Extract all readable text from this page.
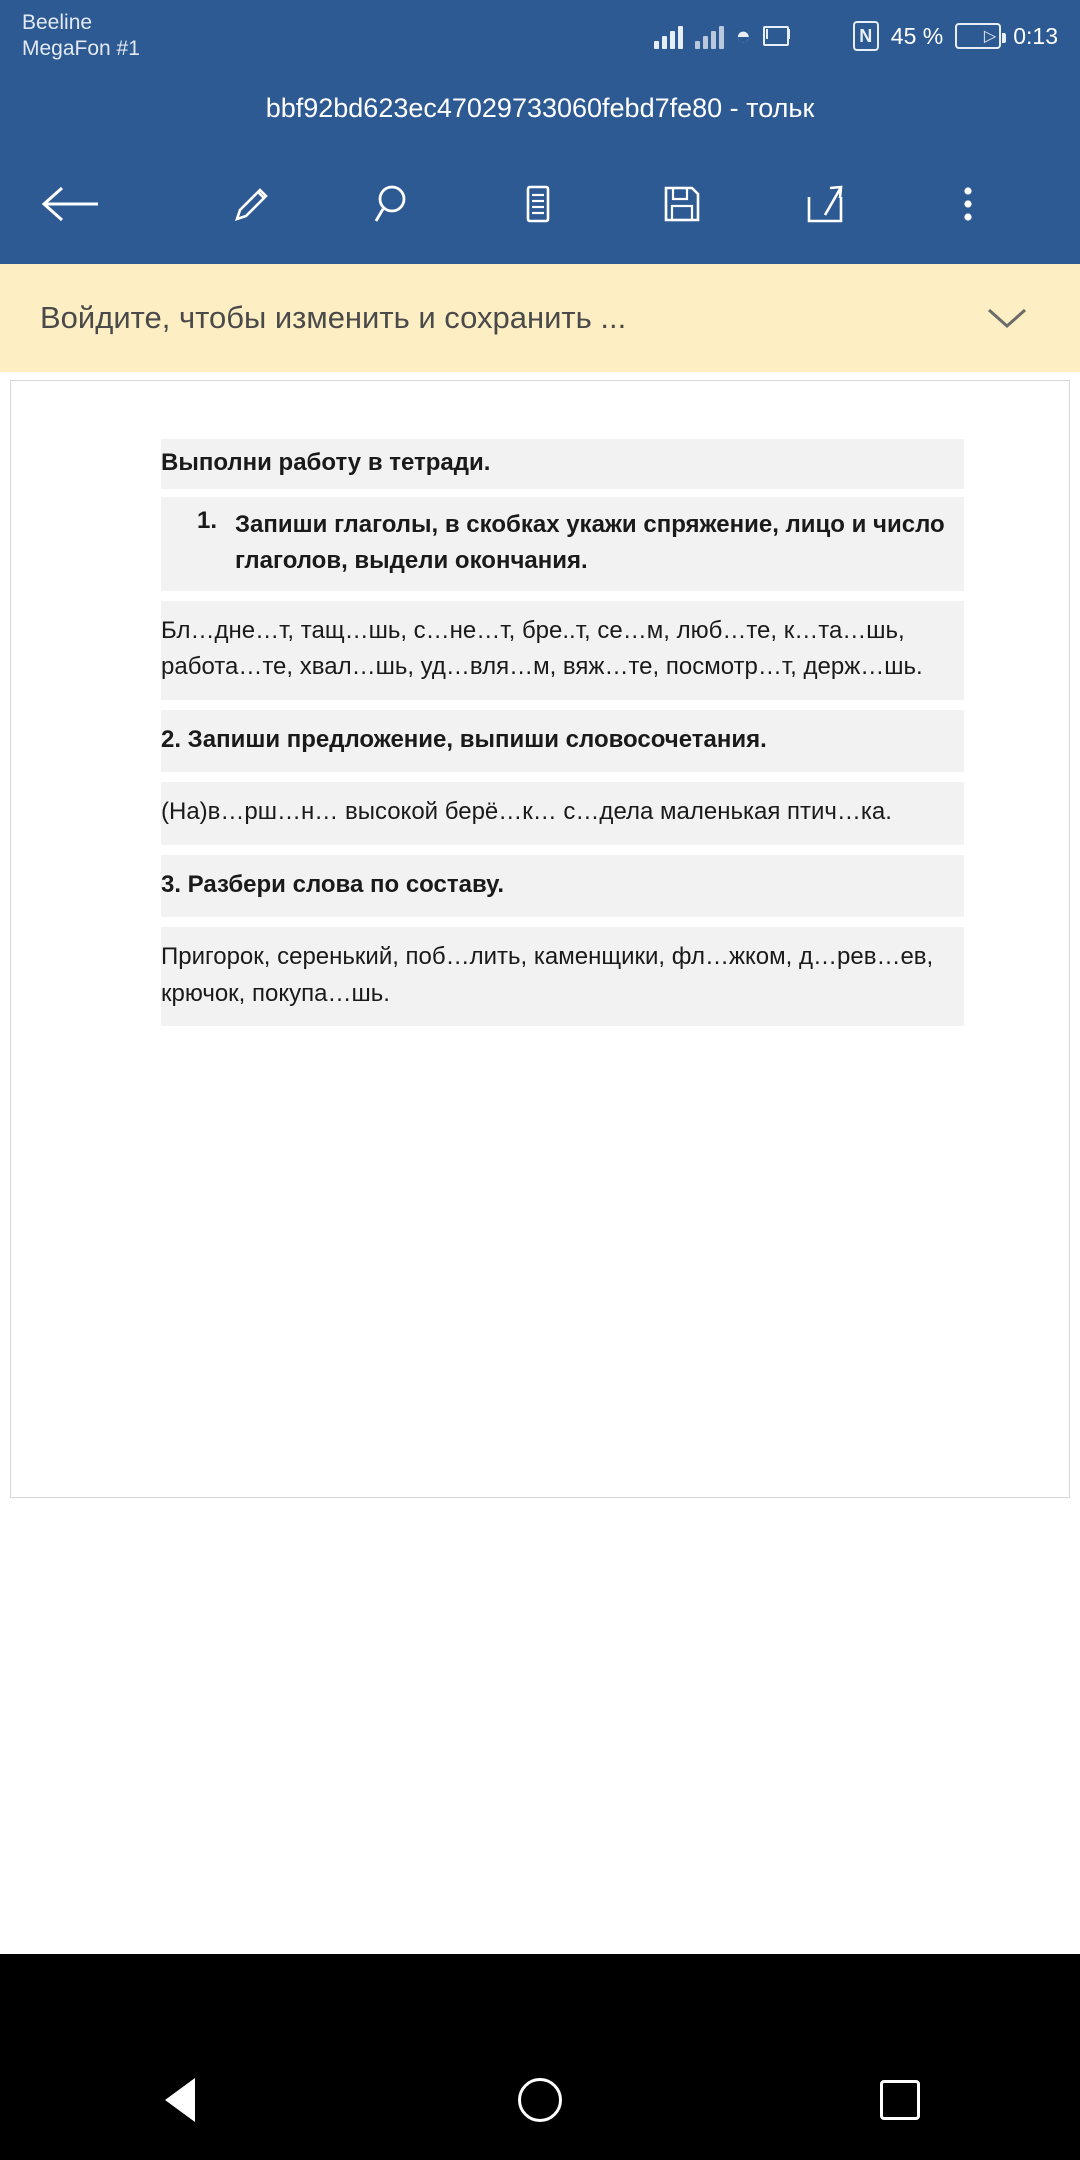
Beeline
MegaFon #1	◓	N 45 %	▷ 0:13
bbf92bd623ec47029733060febd7fe80 - тольк
Войдите, чтобы изменить и сохранить ...
Выполни работу в тетради.
1. Запиши глаголы, в скобках укажи спряжение, лицо и число глаголов, выдели окончания.
Бл…дне…т, тащ…шь, с…не…т, бре..т, се…м, люб…те, к…та…шь, работа…те, хвал…шь, уд…вля…м, вяж…те, посмотр…т, держ…шь.
2. Запиши предложение, выпиши словосочетания.
(На)в…рш…н… высокой берё…к… с…дела маленькая птич…ка.
3. Разбери слова по составу.
Пригорок, серенький, поб…лить, каменщики, фл…жком, д…рев…ев, крючок, покупа…шь.
